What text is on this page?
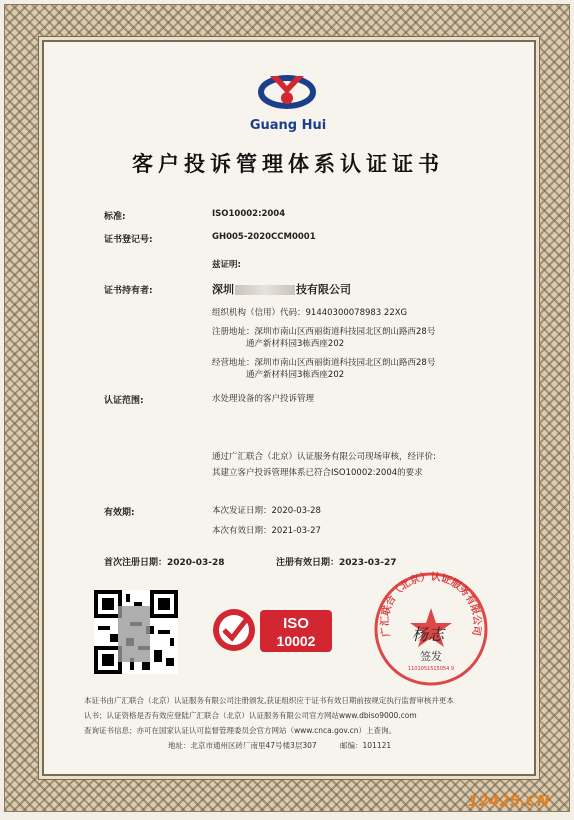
Guang Hui
客户投诉管理体系认证证书
标准:	ISO10002:2004
证书登记号:	GH005-2020CCM0001
兹证明:
证书持有者:	深圳	技有限公司
组织机构（信用）代码：91440300078983 22XG
注册地址：深圳市南山区西丽街道科技园北区朗山路西28号
通产新材料园3栋西座202
经营地址：深圳市南山区西丽街道科技园北区朗山路西28号
通产新材料园3栋西座202
认证范围:	水处理设备的客户投诉管理
通过广汇联合（北京）认证服务有限公司现场审核，经评价:
其建立客户投诉管理体系已符合ISO10002:2004的要求
有效期:	本次发证日期：2020-03-28
本次有效日期：2021-03-27
首次注册日期：2020-03-28	注册有效日期：2023-03-27
ISO
10002
广汇联合（北京）认证服务有限公司
1101051515054 9
签发
杨志
本证书由广汇联合（北京）认证服务有限公司注册颁发,获证组织应于证书有效日期前按规定执行监督审核并更本
认书；认证资格是否有效应登陆广汇联合（北京）认证服务有限公司官方网站www.dbiso9000.com
查询证书信息；亦可在国家认证认可监督管理委员会官方网站（www.cnca.gov.cn）上查询。
地址：北京市通州区砖厂南里47号楼3层307	邮编：101121
12425.CN
